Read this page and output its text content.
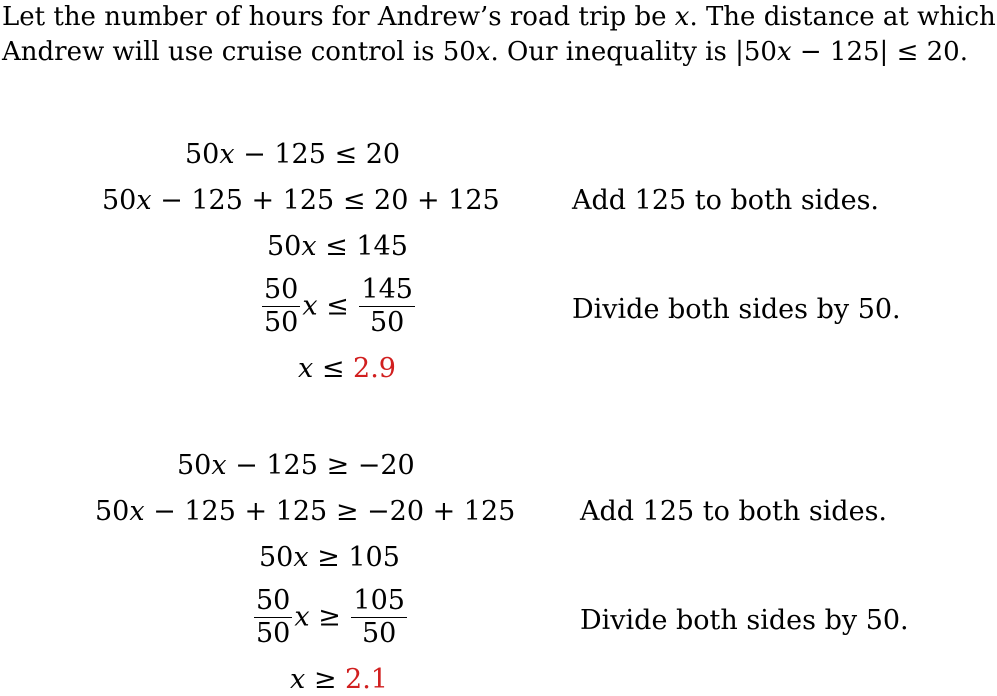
Let the number of hours for Andrew’s road trip be x. The distance at which
Andrew will use cruise control is 50x. Our inequality is |50x − 125| ≤ 20.
50x − 125 ≤ 20
50x − 125 + 125 ≤ 20 + 125	Add 125 to both sides.
50x ≤ 145
$\frac{50}{50}$ $x \le \frac{145}{50}$	Divide both sides by 50.
x ≤ 2.9
50x − 125 ≥ −20
50x − 125 + 125 ≥ −20 + 125 Add 125 to both sides.
50x ≥ 105
$\frac{50}{50}$ $x \ge \frac{105}{50}$	Divide both sides by 50.
x ≥ 2.1
